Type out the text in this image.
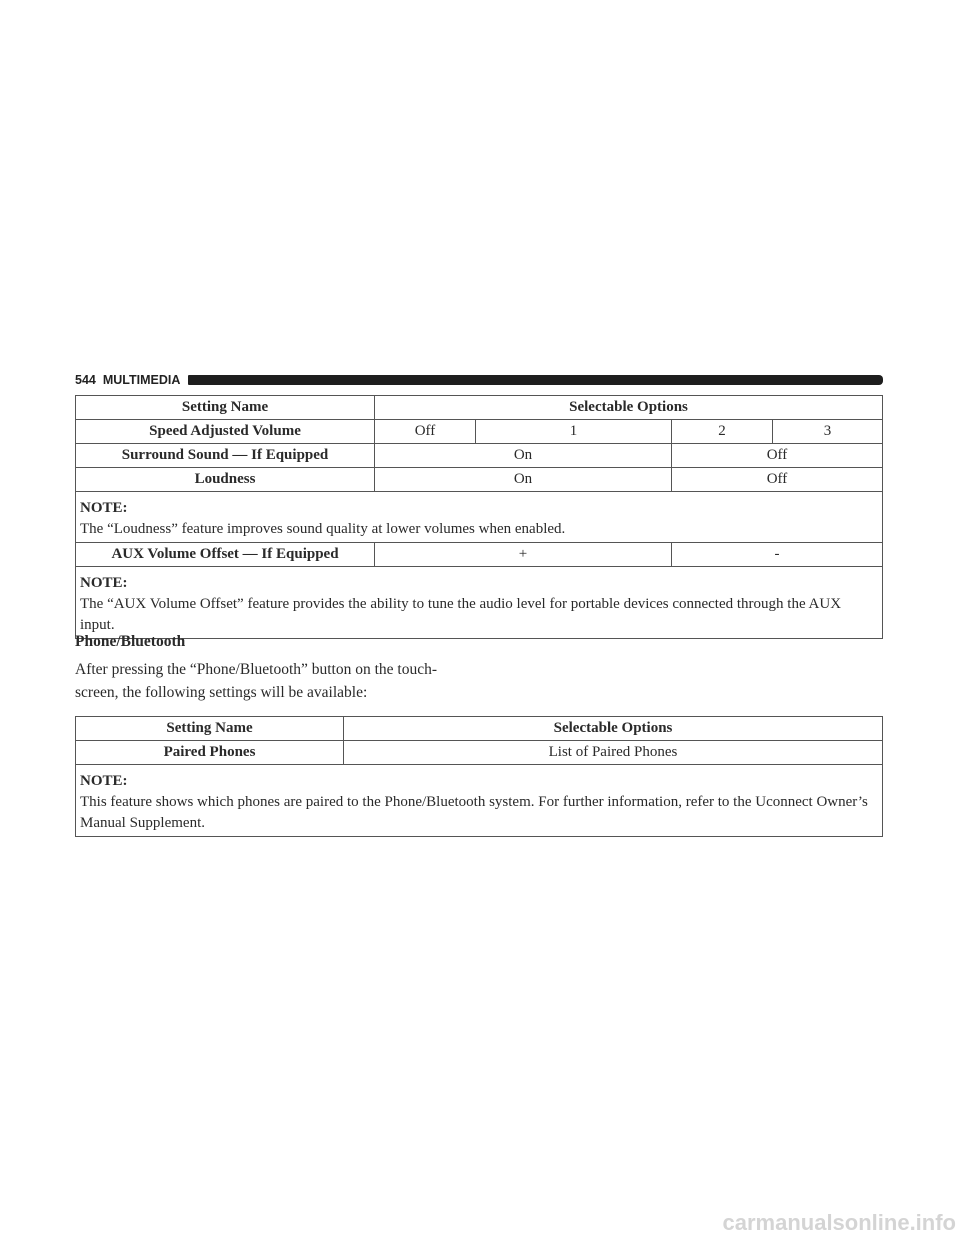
544 MULTIMEDIA
Setting Name	Selectable Options			
Speed Adjusted Volume	Off	1	2	3
Surround Sound — If Equipped	On		Off	
Loudness	On		Off	

NOTE:
The “Loudness” feature improves sound quality at lower volumes when enabled.				
AUX Volume Offset — If Equipped	+		-	

NOTE:
The “AUX Volume Offset” feature provides the ability to tune the audio level for portable devices connected through the AUX input.				
Phone/Bluetooth
After pressing the “Phone/Bluetooth” button on the touch-
screen, the following settings will be available:
Setting Name	Selectable Options
Paired Phones	List of Paired Phones

NOTE:
This feature shows which phones are paired to the Phone/Bluetooth system. For further information, refer to the Uconnect Owner’s Manual Supplement.	
carmanualsonline.info
